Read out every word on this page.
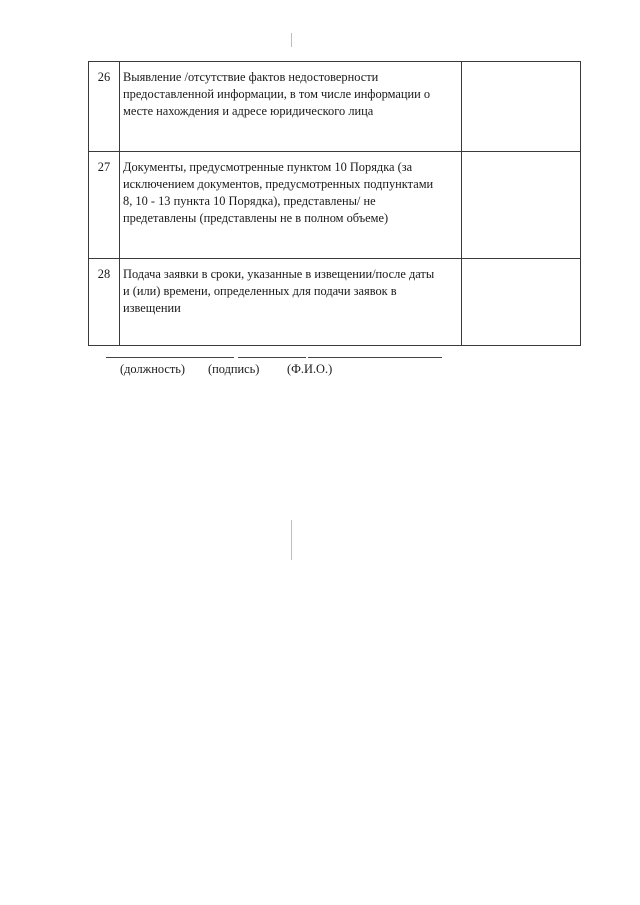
26	Выявление /отсутствие фактов недостоверности
предоставленной информации, в том числе информации о
месте нахождения и адресе юридического лица	

27	Документы, предусмотренные пунктом 10 Порядка (за
исключением документов, предусмотренных подпунктами
8, 10 - 13 пункта 10 Порядка), представлены/ не
предетавлены (представлены не в полном объеме)	

28	Подача заявки в сроки, указанные в извещении/после даты
и (или) времени, определенных для подачи заявок в
извещении	

(должность) (подпись) (Ф.И.О.)
